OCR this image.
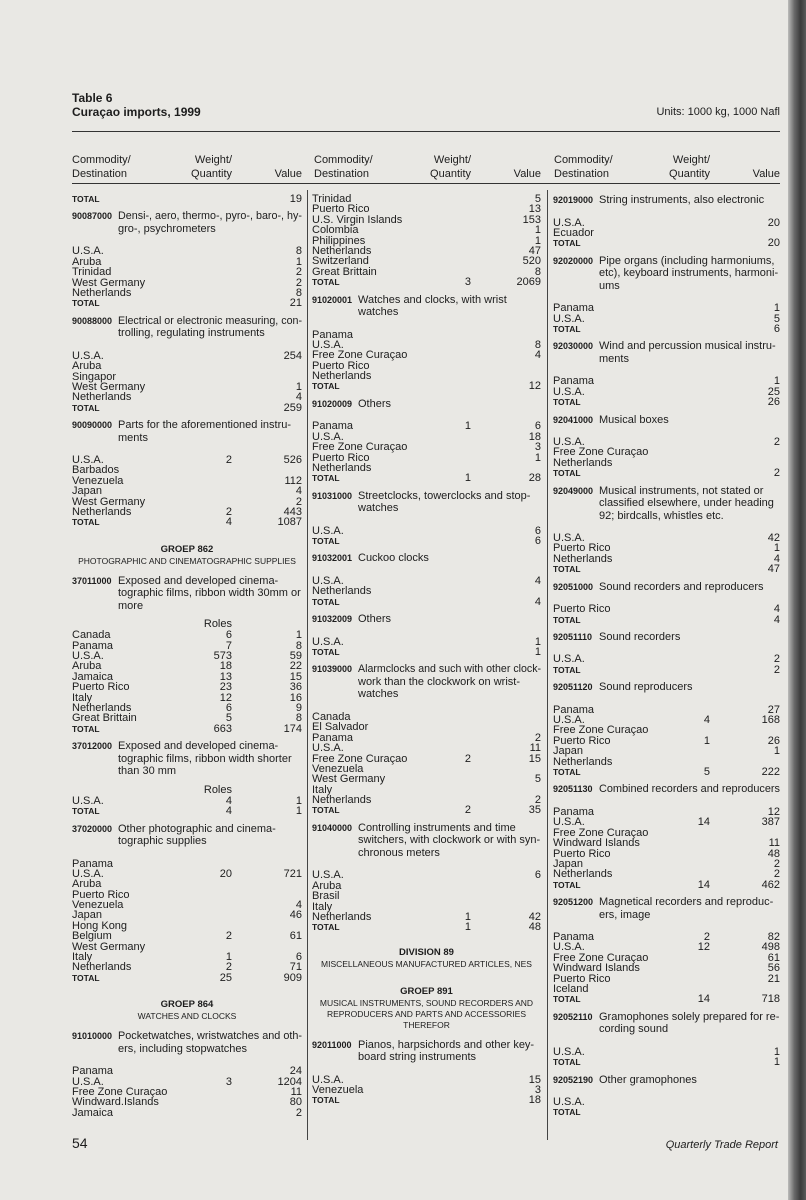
Table 6
Curaçao imports, 1999	Units: 1000 kg, 1000 Nafl
Commodity/
Destination
Weight/
Quantity	Value
Commodity/
Destination
Weight/
Quantity	Value
Commodity/
Destination
Weight/
Quantity	Value
TOTAL	19
90087000 Densi-, aero, thermo-, pyro-, baro-, hy-
gro-, psychrometers
U.S.A.	8
Aruba	1
Trinidad	2
West Germany	2
Netherlands	8
TOTAL	21
90088000 Electrical or electronic measuring, con-
trolling, regulating instruments
U.S.A.	254
Aruba
Singapor
West Germany	1
Netherlands	4
TOTAL	259
90090000 Parts for the aforementioned instru-
ments
U.S.A.	2	526
Barbados
Venezuela	112
Japan	4
West Germany	2
Netherlands	2	443
TOTAL	4	1087
GROEP 862
PHOTOGRAPHIC AND CINEMATOGRAPHIC SUPPLIES
37011000 Exposed and developed cinema-
tographic films, ribbon width 30mm or
more
Roles
Canada	6	1
Panama	7	8
U.S.A.	573	59
Aruba	18	22
Jamaica	13	15
Puerto Rico	23	36
Italy	12	16
Netherlands	6	9
Great Brittain	5	8
TOTAL	663	174
37012000 Exposed and developed cinema-
tographic films, ribbon width shorter
than 30 mm
Roles
U.S.A.	4	1
TOTAL	4	1
37020000 Other photographic and cinema-
tographic supplies
Panama
U.S.A.	20	721
Aruba
Puerto Rico
Venezuela	4
Japan	46
Hong Kong
Belgium	2	61
West Germany
Italy	1	6
Netherlands	2	71
TOTAL	25	909
GROEP 864
WATCHES AND CLOCKS
91010000 Pocketwatches, wristwatches and oth-
ers, including stopwatches
Panama	24
U.S.A.	3	1204
Free Zone Curaçao	11
Windward.Islands	80
Jamaica	2
Trinidad	5
Puerto Rico	13
U.S. Virgin Islands	153
Colombia	1
Philippines	1
Netherlands	47
Switzerland	520
Great Brittain	8
TOTAL	3	2069
91020001 Watches and clocks, with wrist
watches
Panama
U.S.A.	8
Free Zone Curaçao	4
Puerto Rico
Netherlands
TOTAL	12
91020009 Others
Panama	1	6
U.S.A.	18
Free Zone Curaçao	3
Puerto Rico	1
Netherlands
TOTAL	1	28
91031000 Streetclocks, towerclocks and stop-
watches
U.S.A.	6
TOTAL	6
91032001 Cuckoo clocks
U.S.A.	4
Netherlands
TOTAL	4
91032009 Others
U.S.A.	1
TOTAL	1
91039000 Alarmclocks and such with other clock-
work than the clockwork on wrist-
watches
Canada
El Salvador
Panama	2
U.S.A.	11
Free Zone Curaçao	2	15
Venezuela
West Germany	5
Italy
Netherlands	2
TOTAL	2	35
91040000 Controlling instruments and time
switchers, with clockwork or with syn-
chronous meters
U.S.A.	6
Aruba
Brasil
Italy
Netherlands	1	42
TOTAL	1	48
DIVISION 89
MISCELLANEOUS MANUFACTURED ARTICLES, NES
GROEP 891
MUSICAL INSTRUMENTS, SOUND RECORDERS AND
REPRODUCERS AND PARTS AND ACCESSORIES
THEREFOR
92011000 Pianos, harpsichords and other key-
board string instruments
U.S.A.	15
Venezuela	3
TOTAL	18
92019000 String instruments, also electronic
U.S.A.	20
Ecuador
TOTAL	20
92020000 Pipe organs (including harmoniums,
etc), keyboard instruments, harmoni-
ums
Panama	1
U.S.A.	5
TOTAL	6
92030000 Wind and percussion musical instru-
ments
Panama	1
U.S.A.	25
TOTAL	26
92041000 Musical boxes
U.S.A.	2
Free Zone Curaçao
Netherlands
TOTAL	2
92049000 Musical instruments, not stated or
classified elsewhere, under heading
92; birdcalls, whistles etc.
U.S.A.	42
Puerto Rico	1
Netherlands	4
TOTAL	47
92051000 Sound recorders and reproducers
Puerto Rico	4
TOTAL	4
92051110 Sound recorders
U.S.A.	2
TOTAL	2
92051120 Sound reproducers
Panama	27
U.S.A.	4	168
Free Zone Curaçao
Puerto Rico	1	26
Japan	1
Netherlands
TOTAL	5	222
92051130 Combined recorders and reproducers
Panama	12
U.S.A.	14	387
Free Zone Curaçao
Windward Islands	11
Puerto Rico	48
Japan	2
Netherlands	2
TOTAL	14	462
92051200 Magnetical recorders and reproduc-
ers, image
Panama	2	82
U.S.A.	12	498
Free Zone Curaçao	61
Windward Islands	56
Puerto Rico	21
Iceland
TOTAL	14	718
92052110 Gramophones solely prepared for re-
cording sound
U.S.A.	1
TOTAL	1
92052190 Other gramophones
U.S.A.
TOTAL
54	Quarterly Trade Report
